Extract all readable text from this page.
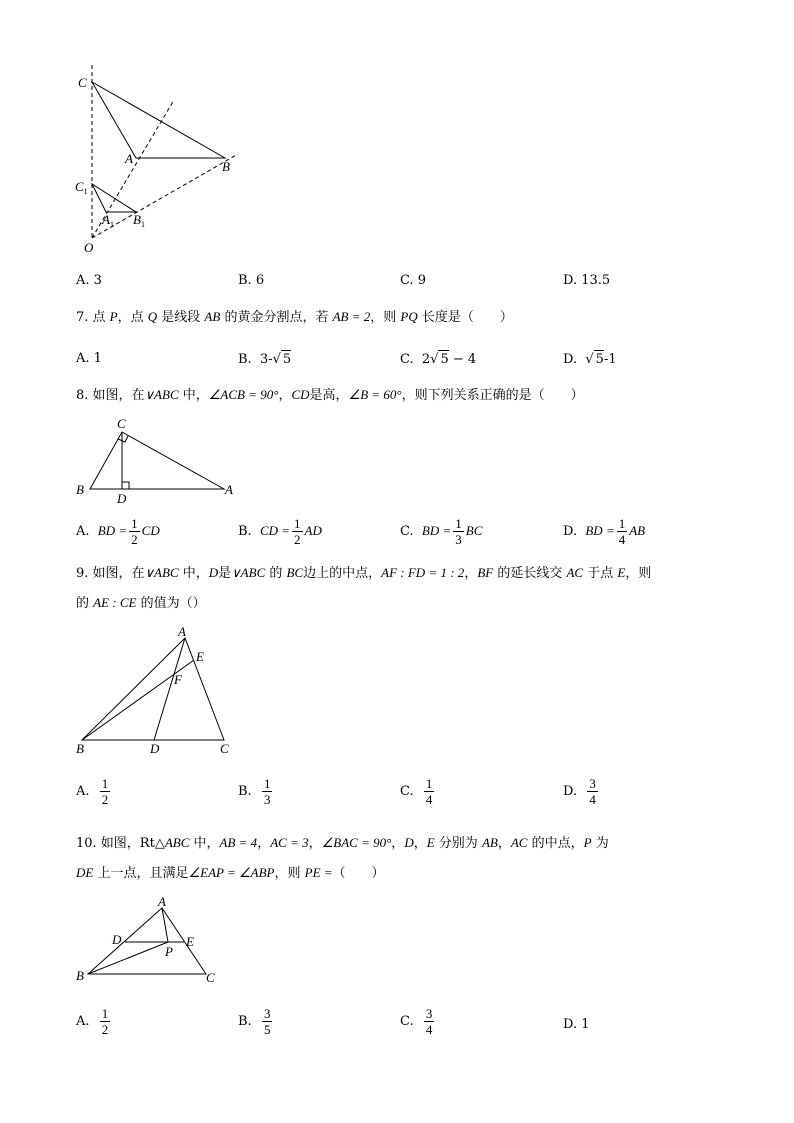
C
A
B
$C_1$
$A_1$ $B_1$
O
A. 3	B. 6	C. 9	D. 13.5
7. 点 P，点 Q 是线段 AB 的黄金分割点，若 AB = 2，则 PQ 长度是（　　）
A. 1	B. 3-√ 5	C. 2√ 5 − 4	D.  √ 5-1
8. 如图，在∨ABC 中，∠ACB = 90°，CD是高，∠B = 60°，则下列关系正确的是（　　）
C
B
D
A
A. BD = $\frac{1}{2}$ CD	B. CD = $\frac{1}{2}$ AD	C. BD = $\frac{1}{3}$ BC	D. BD = $\frac{1}{4}$ AB
9. 如图，在∨ABC 中，D是∨ABC 的 BC边上的中点，AF : FD = 1 : 2，BF 的延长线交 AC 于点 E，则
的 AE : CE 的值为（）
A
E
F
B	D	C
A. $\frac{1}{2}$	B. $\frac{1}{3}$	C. $\frac{1}{4}$	D. $\frac{3}{4}$
10. 如图，Rt△ABC 中，AB = 4，AC = 3，∠BAC = 90°，D，E 分别为 AB，AC 的中点，P 为
DE 上一点，且满足∠EAP = ∠ABP，则 PE =（　　）
A
D	E
P
B	C
A. $\frac{1}{2}$	B. $\frac{3}{5}$	C. $\frac{3}{4}$	D. 1
